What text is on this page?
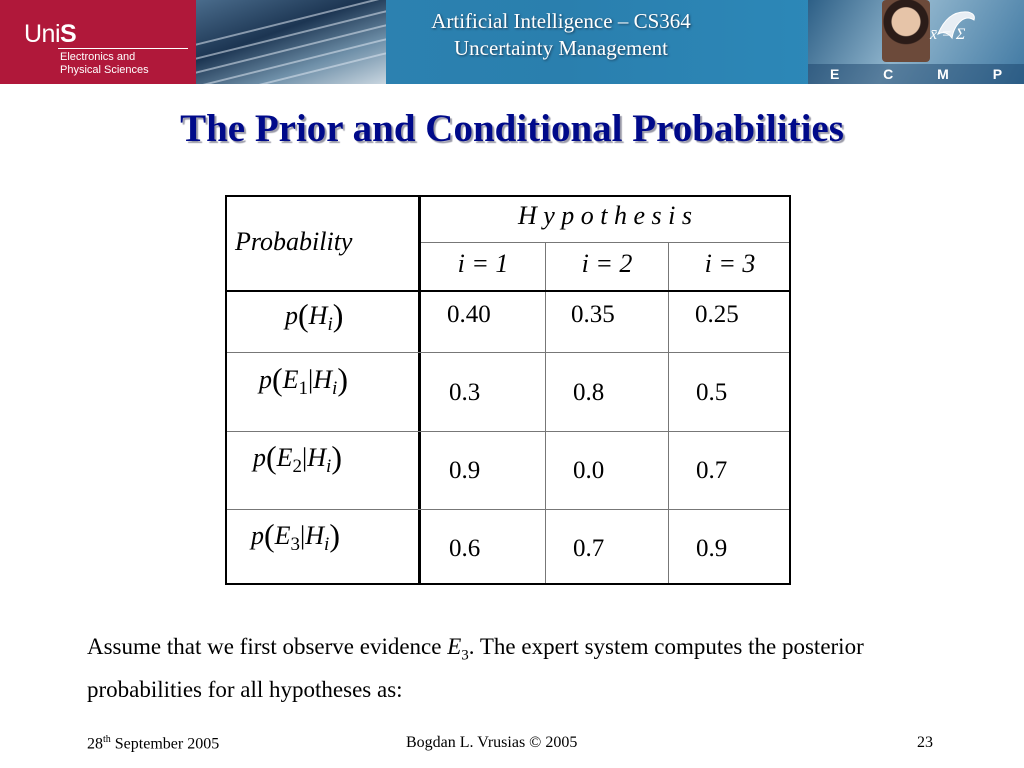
UniS
Electronics and
Physical Sciences
Artificial Intelligence – CS364
Uncertainty Management
x̄ = Σ
E	C	M	P
The Prior and Conditional Probabilities
Probability
H y p o t h e s i s
i = 1	i = 2	i = 3
$p(H_i)$	0.40	0.35	0.25
$p(E_1|H_i)$	0.3	0.8	0.5
$p(E_2|H_i)$	0.9	0.0	0.7
$p(E_3|H_i)$	0.6	0.7	0.9
Assume that we first observe evidence $E_3$. The expert system computes the posterior probabilities for all hypotheses as:
28th September 2005	Bogdan L. Vrusias © 2005	23
